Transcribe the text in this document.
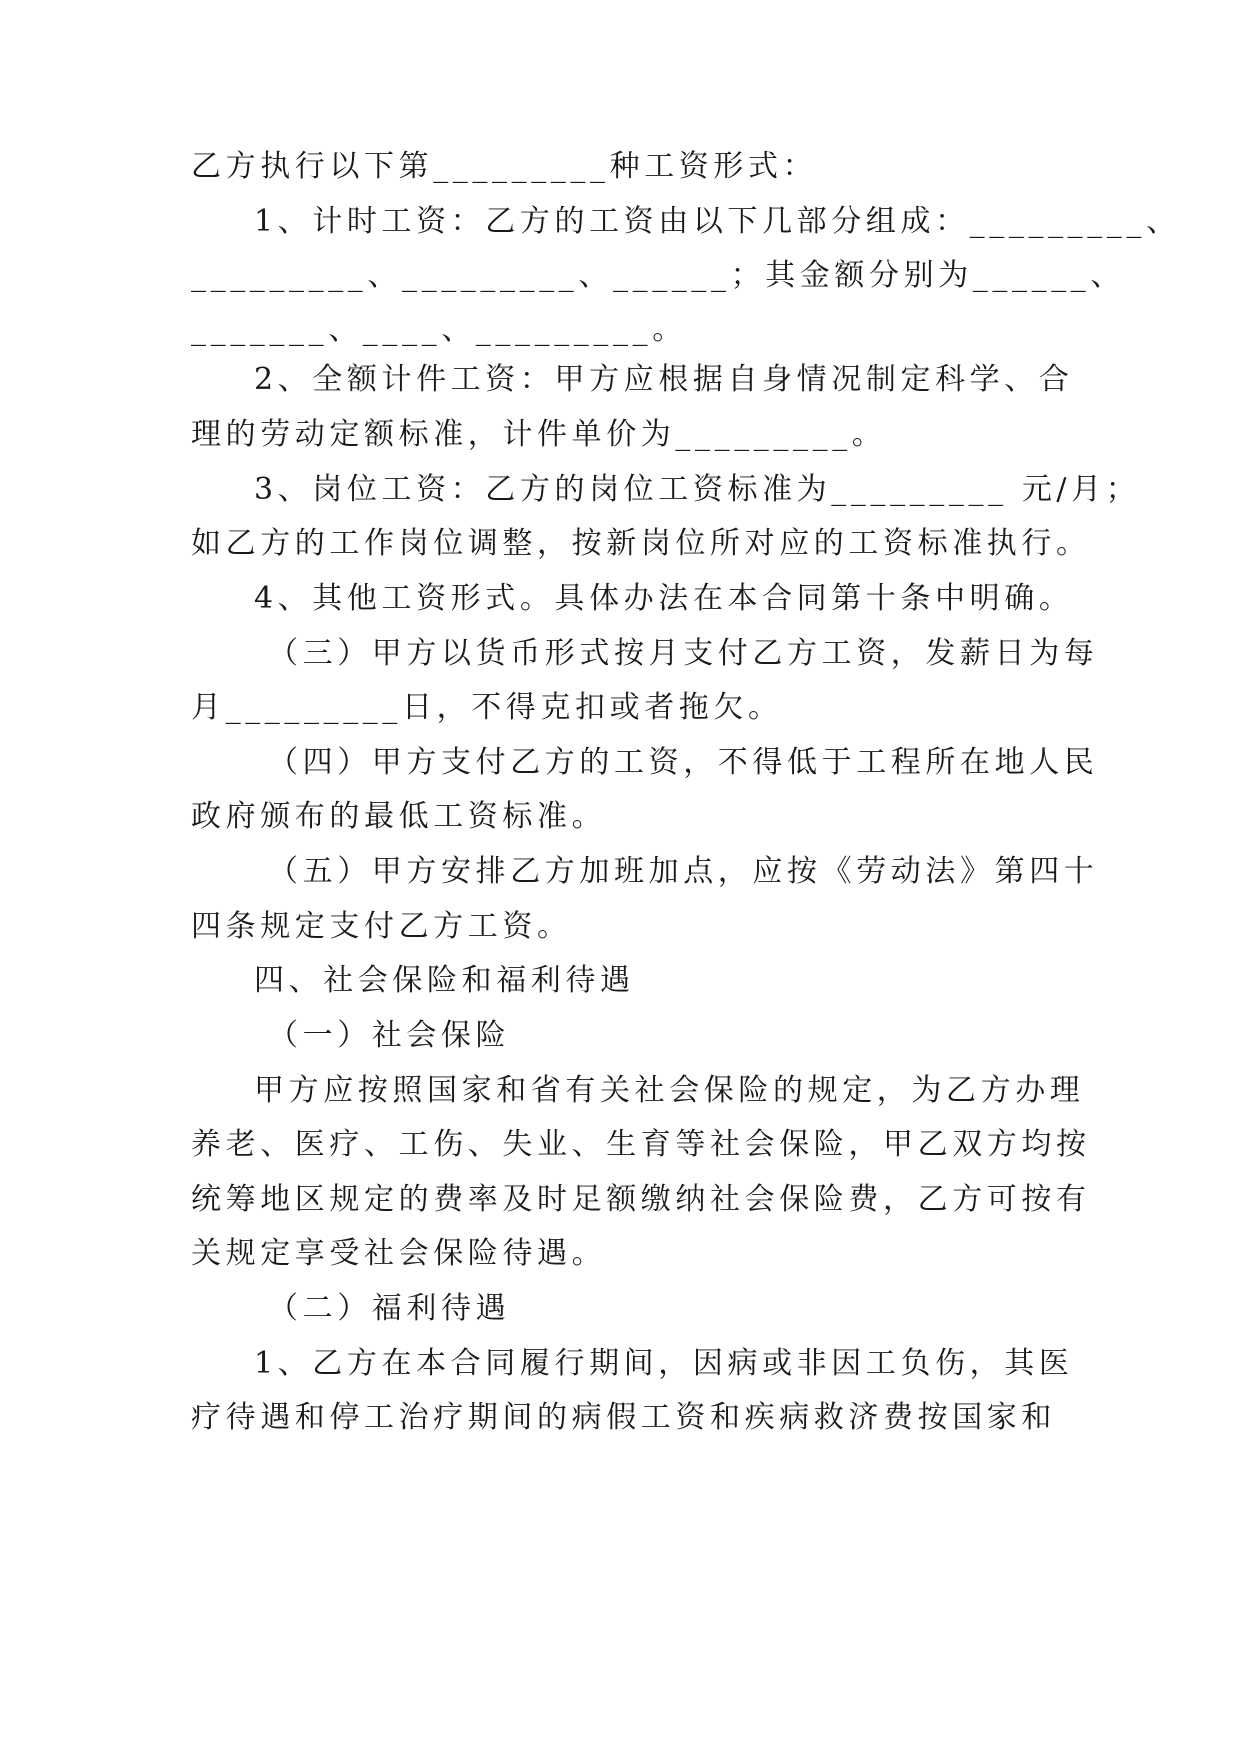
乙方执行以下第_________种工资形式：
1、计时工资：乙方的工资由以下几部分组成：_________、
_________、_________、______；其金额分别为______、
_______、____、_________。
2、全额计件工资：甲方应根据自身情况制定科学、合
理的劳动定额标准，计件单价为_________。
3、岗位工资：乙方的岗位工资标准为_________ 元/月；
如乙方的工作岗位调整，按新岗位所对应的工资标准执行。
4、其他工资形式。具体办法在本合同第十条中明确。
（三）甲方以货币形式按月支付乙方工资，发薪日为每
月_________日，不得克扣或者拖欠。
（四）甲方支付乙方的工资，不得低于工程所在地人民
政府颁布的最低工资标准。
（五）甲方安排乙方加班加点，应按《劳动法》第四十
四条规定支付乙方工资。
四、社会保险和福利待遇
（一）社会保险
甲方应按照国家和省有关社会保险的规定，为乙方办理
养老、医疗、工伤、失业、生育等社会保险，甲乙双方均按
统筹地区规定的费率及时足额缴纳社会保险费，乙方可按有
关规定享受社会保险待遇。
（二）福利待遇
1、乙方在本合同履行期间，因病或非因工负伤，其医
疗待遇和停工治疗期间的病假工资和疾病救济费按国家和
